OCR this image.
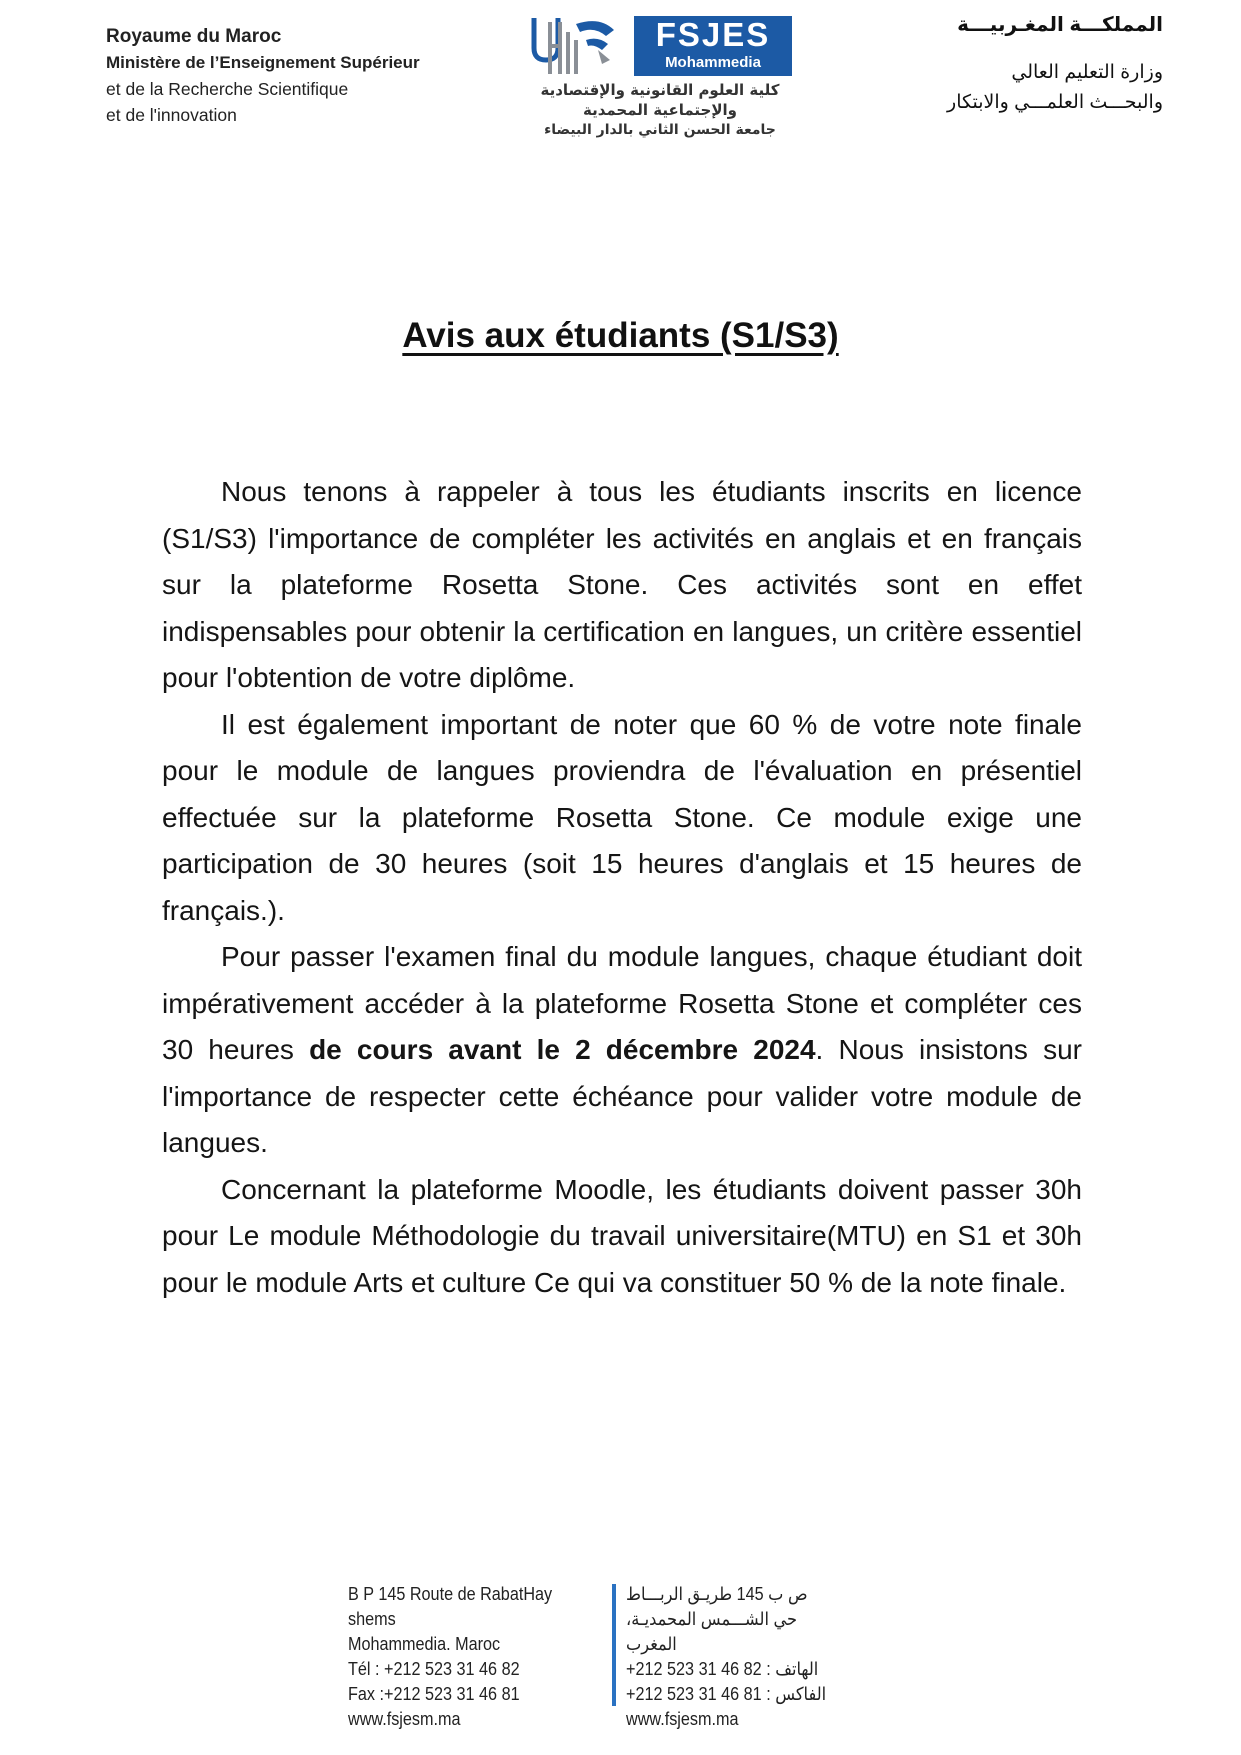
Royaume du Maroc
Ministère de l’Enseignement Supérieur
et de la Recherche Scientifique
et de l'innovation
FSJES
Mohammedia
كلية العلوم القانونية والإقتصادية
والإجتماعية المحمدية
جامعة الحسن الثاني بالدار البيضاء
المملكـــة المغـربيـــة
وزارة التعليم العالي
والبحـــث العلمـــي والابتكار
Avis aux étudiants (S1/S3)

Nous tenons à rappeler à tous les étudiants inscrits en licence (S1/S3) l'importance de compléter les activités en anglais et en français sur la plateforme Rosetta Stone. Ces activités sont en effet indispensables pour obtenir la certification en langues, un critère essentiel pour l'obtention de votre diplôme.

Il est également important de noter que 60 % de votre note finale pour le module de langues proviendra de l'évaluation en présentiel effectuée sur la plateforme Rosetta Stone. Ce module exige une participation de 30 heures (soit 15 heures d'anglais et 15 heures de français.).

Pour passer l'examen final du module langues, chaque étudiant doit impérativement accéder à la plateforme Rosetta Stone et compléter ces 30 heures de cours avant le 2 décembre 2024. Nous insistons sur l'importance de respecter cette échéance pour valider votre module de langues.

Concernant la plateforme Moodle, les étudiants doivent passer 30h pour Le module Méthodologie du travail universitaire(MTU) en S1 et 30h pour le module Arts et culture Ce qui va constituer 50 % de la note finale.

B P 145 Route de RabatHay shems
Mohammedia. Maroc
Tél : +212 523 31 46 82
Fax :+212 523 31 46 81
www.fsjesm.ma
ص ب 145 طريـق الربـــاط
حي الشـــمس المحمديـة، المغرب
الهاتف : 82 46 31 523 212+
الفاكس : 81 46 31 523 212+
www.fsjesm.ma
